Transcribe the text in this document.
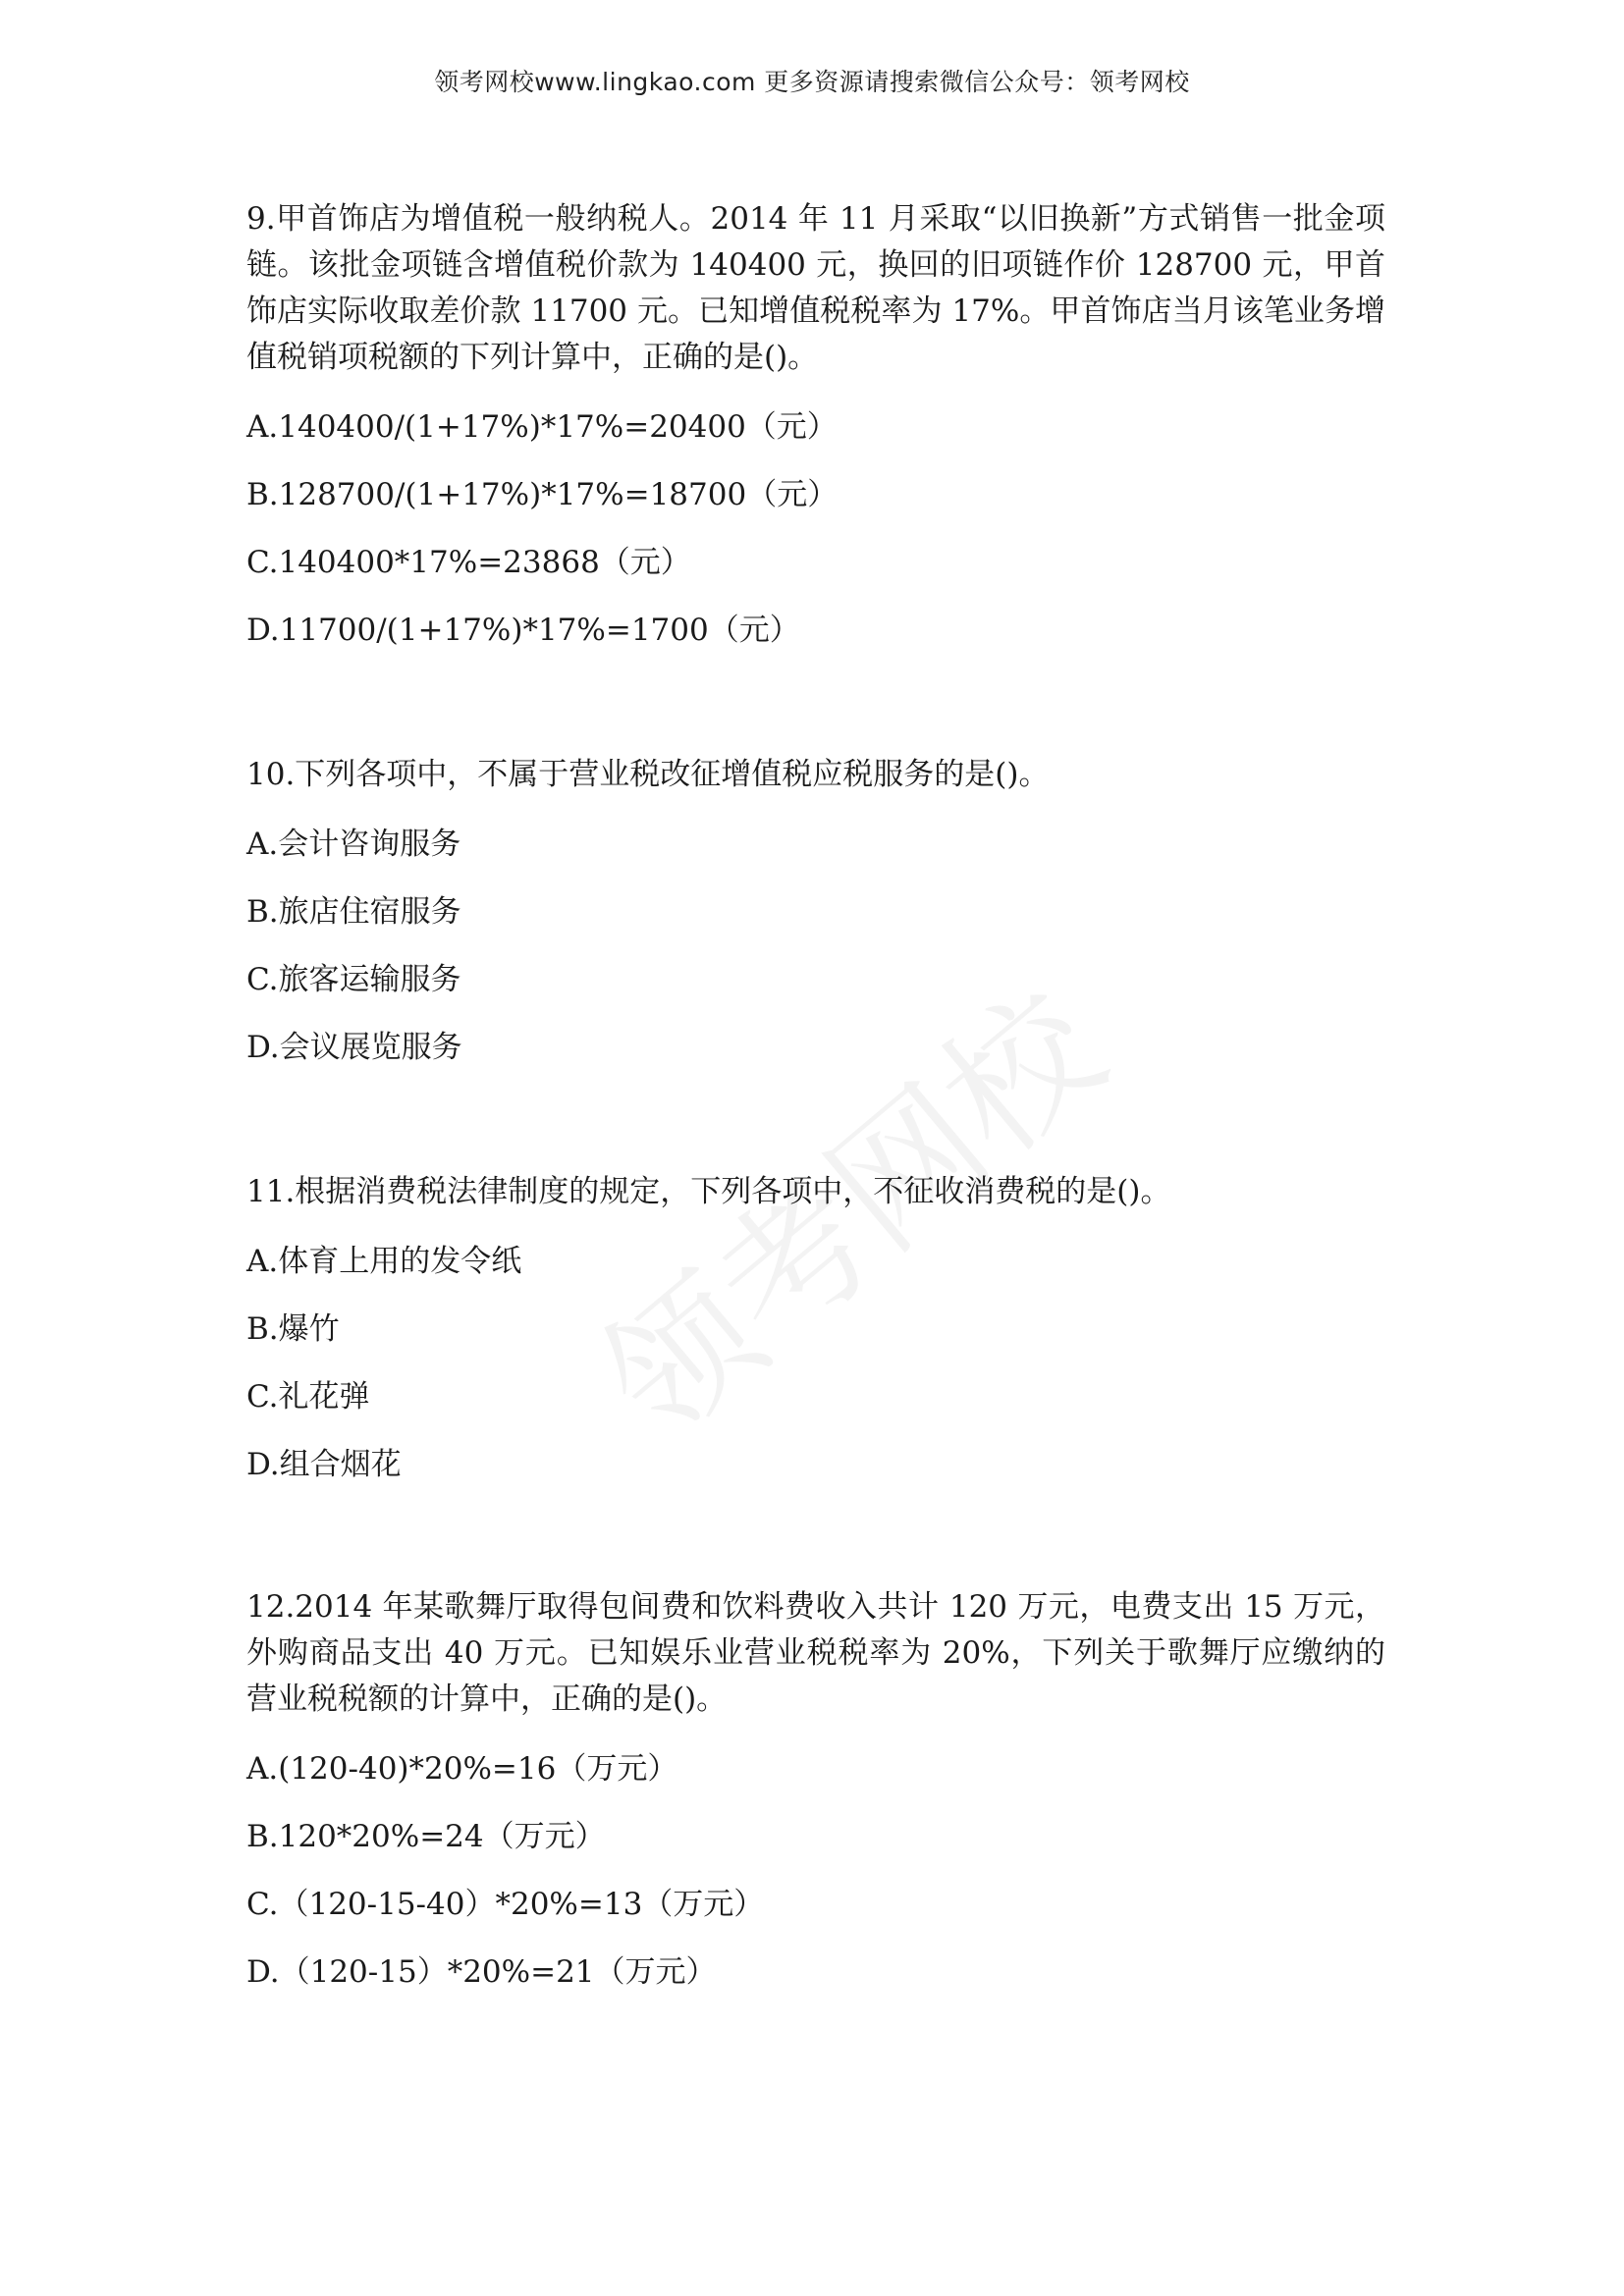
领考网校www.lingkao.com 更多资源请搜索微信公众号：领考网校

9.甲首饰店为增值税一般纳税人。2014 年 11 月采取“以旧换新”方式销售一批金项链。该批金项链含增值税价款为 140400 元，换回的旧项链作价 128700 元，甲首饰店实际收取差价款 11700 元。已知增值税税率为 17%。甲首饰店当月该笔业务增值税销项税额的下列计算中，正确的是()。

A.140400/(1+17%)*17%=20400（元）

B.128700/(1+17%)*17%=18700（元）

C.140400*17%=23868（元）

D.11700/(1+17%)*17%=1700（元）

10.下列各项中，不属于营业税改征增值税应税服务的是()。

A.会计咨询服务

B.旅店住宿服务

C.旅客运输服务

D.会议展览服务

11.根据消费税法律制度的规定，下列各项中，不征收消费税的是()。

A.体育上用的发令纸

B.爆竹

C.礼花弹

D.组合烟花

12.2014 年某歌舞厅取得包间费和饮料费收入共计 120 万元，电费支出 15 万元，外购商品支出 40 万元。已知娱乐业营业税税率为 20%，下列关于歌舞厅应缴纳的营业税税额的计算中，正确的是()。

A.(120-40)*20%=16（万元）

B.120*20%=24（万元）

C.（120-15-40）*20%=13（万元）

D.（120-15）*20%=21（万元）
